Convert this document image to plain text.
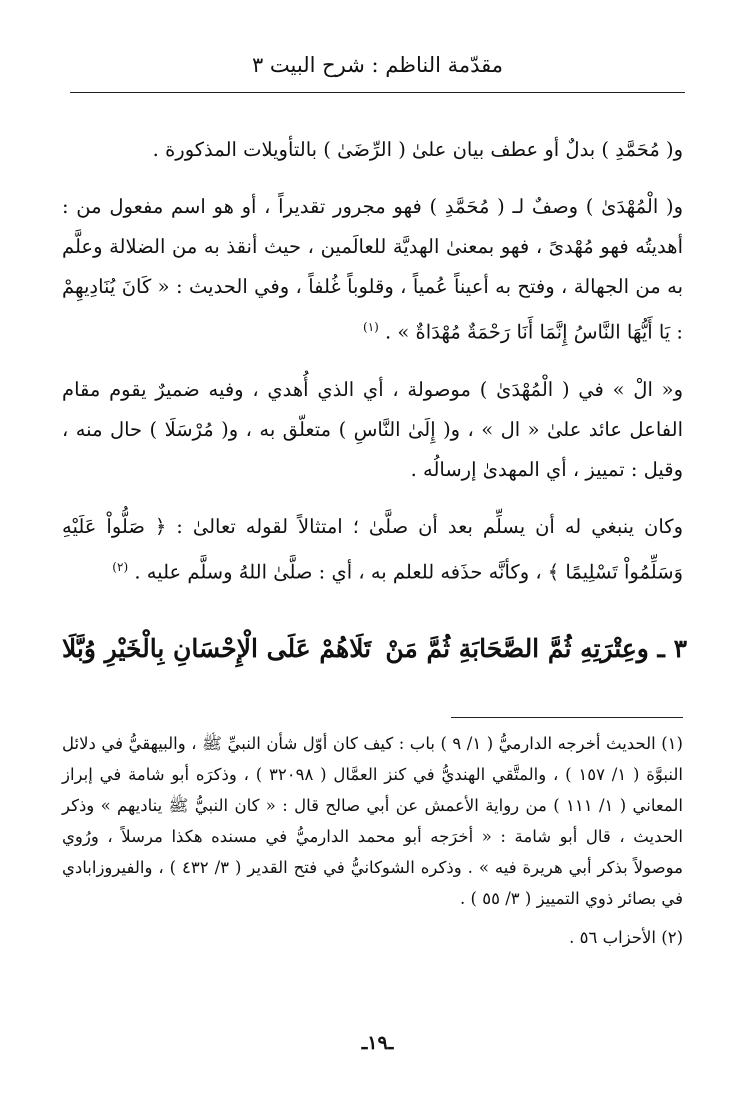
مقدّمة الناظم : شرح البيت ٣

و( مُحَمَّدِ ) بدلٌ أو عطف بيان علىٰ ( الرِّضَىٰ ) بالتأويلات المذكورة .

و( الْمُهْدَىٰ ) وصفٌ لـ ( مُحَمَّدِ ) فهو مجرور تقديراً ، أو هو اسم مفعول من : أهديتُه فهو مُهْدىً ، فهو بمعنىٰ الهديَّة للعالَمين ، حيث أنقذ به من الضلالة وعلَّم به من الجهالة ، وفتح به أعيناً عُمياً ، وقلوباً غُلفاً ، وفي الحديث : « كَانَ يُنَادِيهِمْ : يَا أَيُّهَا النَّاسُ إِنَّمَا أَنَا رَحْمَةٌ مُهْدَاةٌ » . $^{(١)}$

و« الْ » في ( الْمُهْدَىٰ ) موصولة ، أي الذي أُهدي ، وفيه ضميرٌ يقوم مقام الفاعل عائد علىٰ « ال » ، و( إِلَىٰ النَّاسِ ) متعلّق به ، و( مُرْسَلَا ) حال منه ، وقيل : تمييز ، أي المهدىٰ إرسالُه .

وكان ينبغي له أن يسلِّم بعد أن صلَّىٰ ؛ امتثالاً لقوله تعالىٰ : ﴿ صَلُّواْ عَلَيْهِ وَسَلِّمُواْ تَسْلِيمًا ﴾ ، وكأنَّه حذَفه للعلم به ، أي : صلَّىٰ اللهُ وسلَّم عليه . $^{(٢)}$

٣ ـ وعِتْرَتِهِ ثُمَّ الصَّحَابَةِ ثُمَّ مَنْ
تَلَاهُمْ عَلَى الْإِحْسَانِ بِالْخَيْرِ وُبَّلَا

(١) الحديث أخرجه الدارميُّ ( ١/ ٩ ) باب : كيف كان أوّل شأن النبيِّ ﷺ ، والبيهقيُّ في دلائل النبوَّة ( ١/ ١٥٧ ) ، والمتَّقي الهنديُّ في كنز العمَّال ( ٣٢٠٩٨ ) ، وذكرَه أبو شامة في إبراز المعاني ( ١/ ١١١ ) من رواية الأعمش عن أبي صالح قال : « كان النبيُّ ﷺ يناديهم » وذكر الحديث ، قال أبو شامة : « أخرَجه أبو محمد الدارميُّ في مسنده هكذا مرسلاً ، ورُوي موصولاً بذكر أبي هريرة فيه » . وذكره الشوكانيُّ في فتح القدير ( ٣/ ٤٣٢ ) ، والفيروزابادي في بصائر ذوي التمييز ( ٣/ ٥٥ ) .

(٢) الأحزاب ٥٦ .

ـ١٩ـ
